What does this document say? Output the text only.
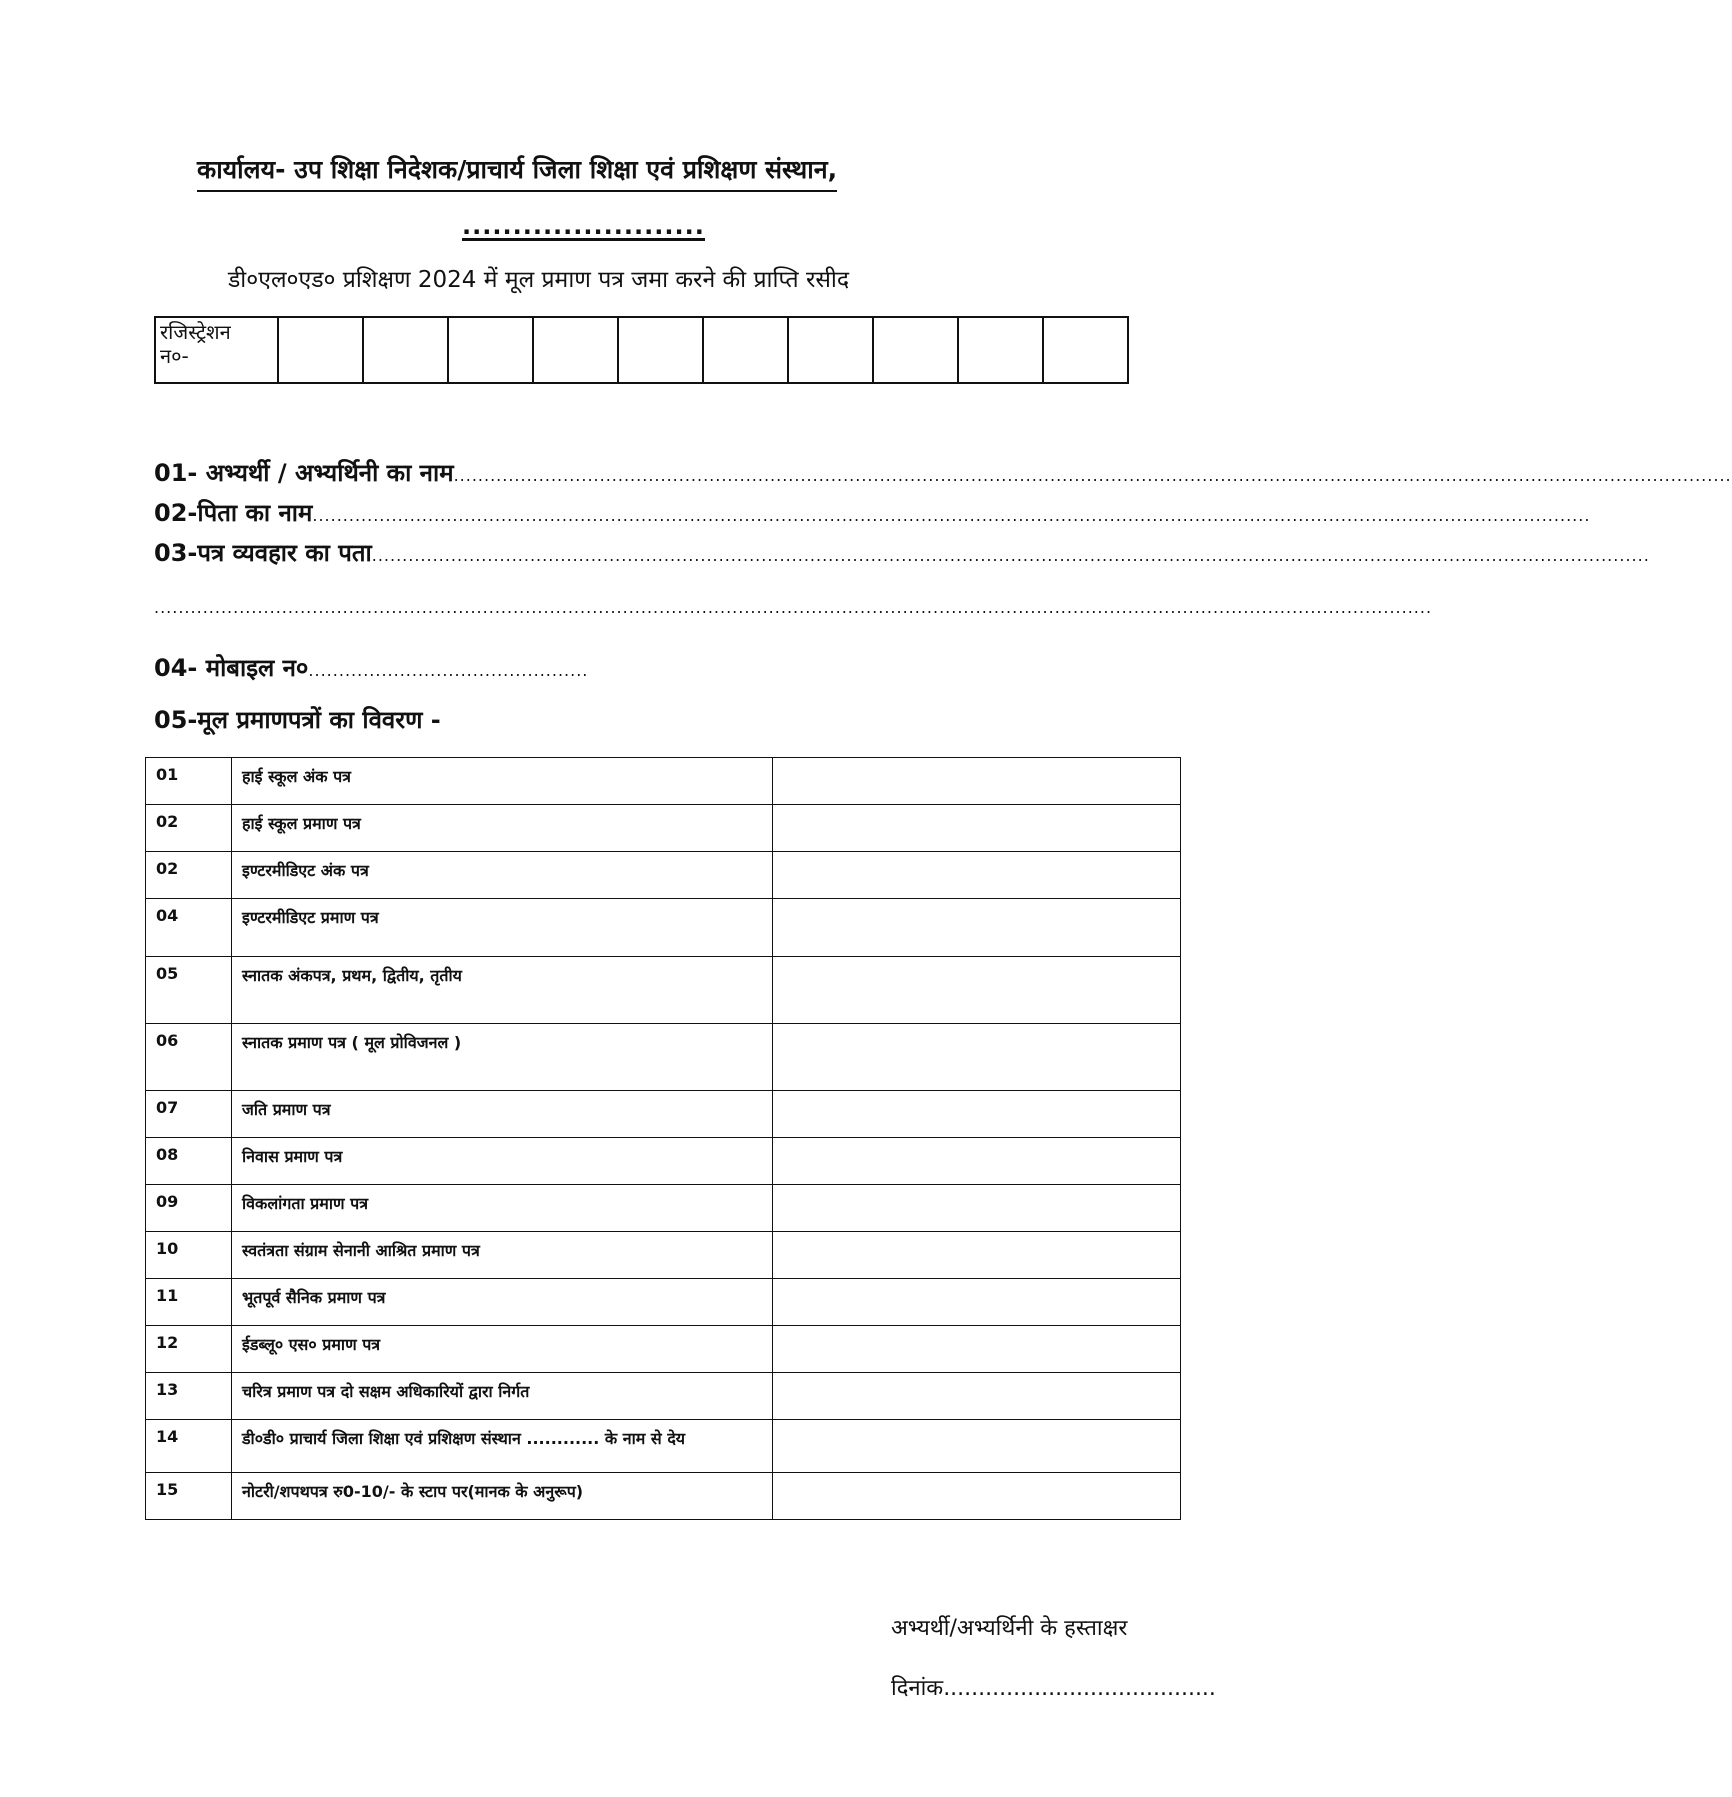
कार्यालय- उप शिक्षा निदेशक/प्राचार्य जिला शिक्षा एवं प्रशिक्षण संस्थान,
........................
डी०एल०एड० प्रशिक्षण 2024 में मूल प्रमाण पत्र जमा करने की प्राप्ति रसीद
रजिस्ट्रेशन
न०-										
01- अभ्यर्थी / अभ्यर्थिनी का नाम ..................................................................................................................................................................................................................
02-पिता का नाम ..................................................................................................................................................................................................................
03-पत्र व्यवहार का पता ..................................................................................................................................................................................................................
..................................................................................................................................................................................................................
04- मोबाइल न० ..............................................
05-मूल प्रमाणपत्रों का विवरण -
01	हाई स्कूल अंक पत्र	
02	हाई स्कूल प्रमाण पत्र	
02	इण्टरमीडिएट अंक पत्र	
04	इण्टरमीडिएट प्रमाण पत्र	
05	स्नातक अंकपत्र, प्रथम, द्वितीय, तृतीय	
06	स्नातक प्रमाण पत्र ( मूल प्रोविजनल )	
07	जति प्रमाण पत्र	
08	निवास प्रमाण पत्र	
09	विकलांगता प्रमाण पत्र	
10	स्वतंत्रता संग्राम सेनानी आश्रित प्रमाण पत्र	
11	भूतपूर्व सैनिक प्रमाण पत्र	
12	ईडब्लू० एस० प्रमाण पत्र	
13	चरित्र प्रमाण पत्र दो सक्षम अधिकारियों द्वारा निर्गत	
14	डी०डी० प्राचार्य जिला शिक्षा एवं प्रशिक्षण संस्थान ............ के नाम से देय	
15	नोटरी/शपथपत्र रु0-10/- के स्टाप पर(मानक के अनुरूप)	
अभ्यर्थी/अभ्यर्थिनी के हस्ताक्षर
दिनांक.......................................
